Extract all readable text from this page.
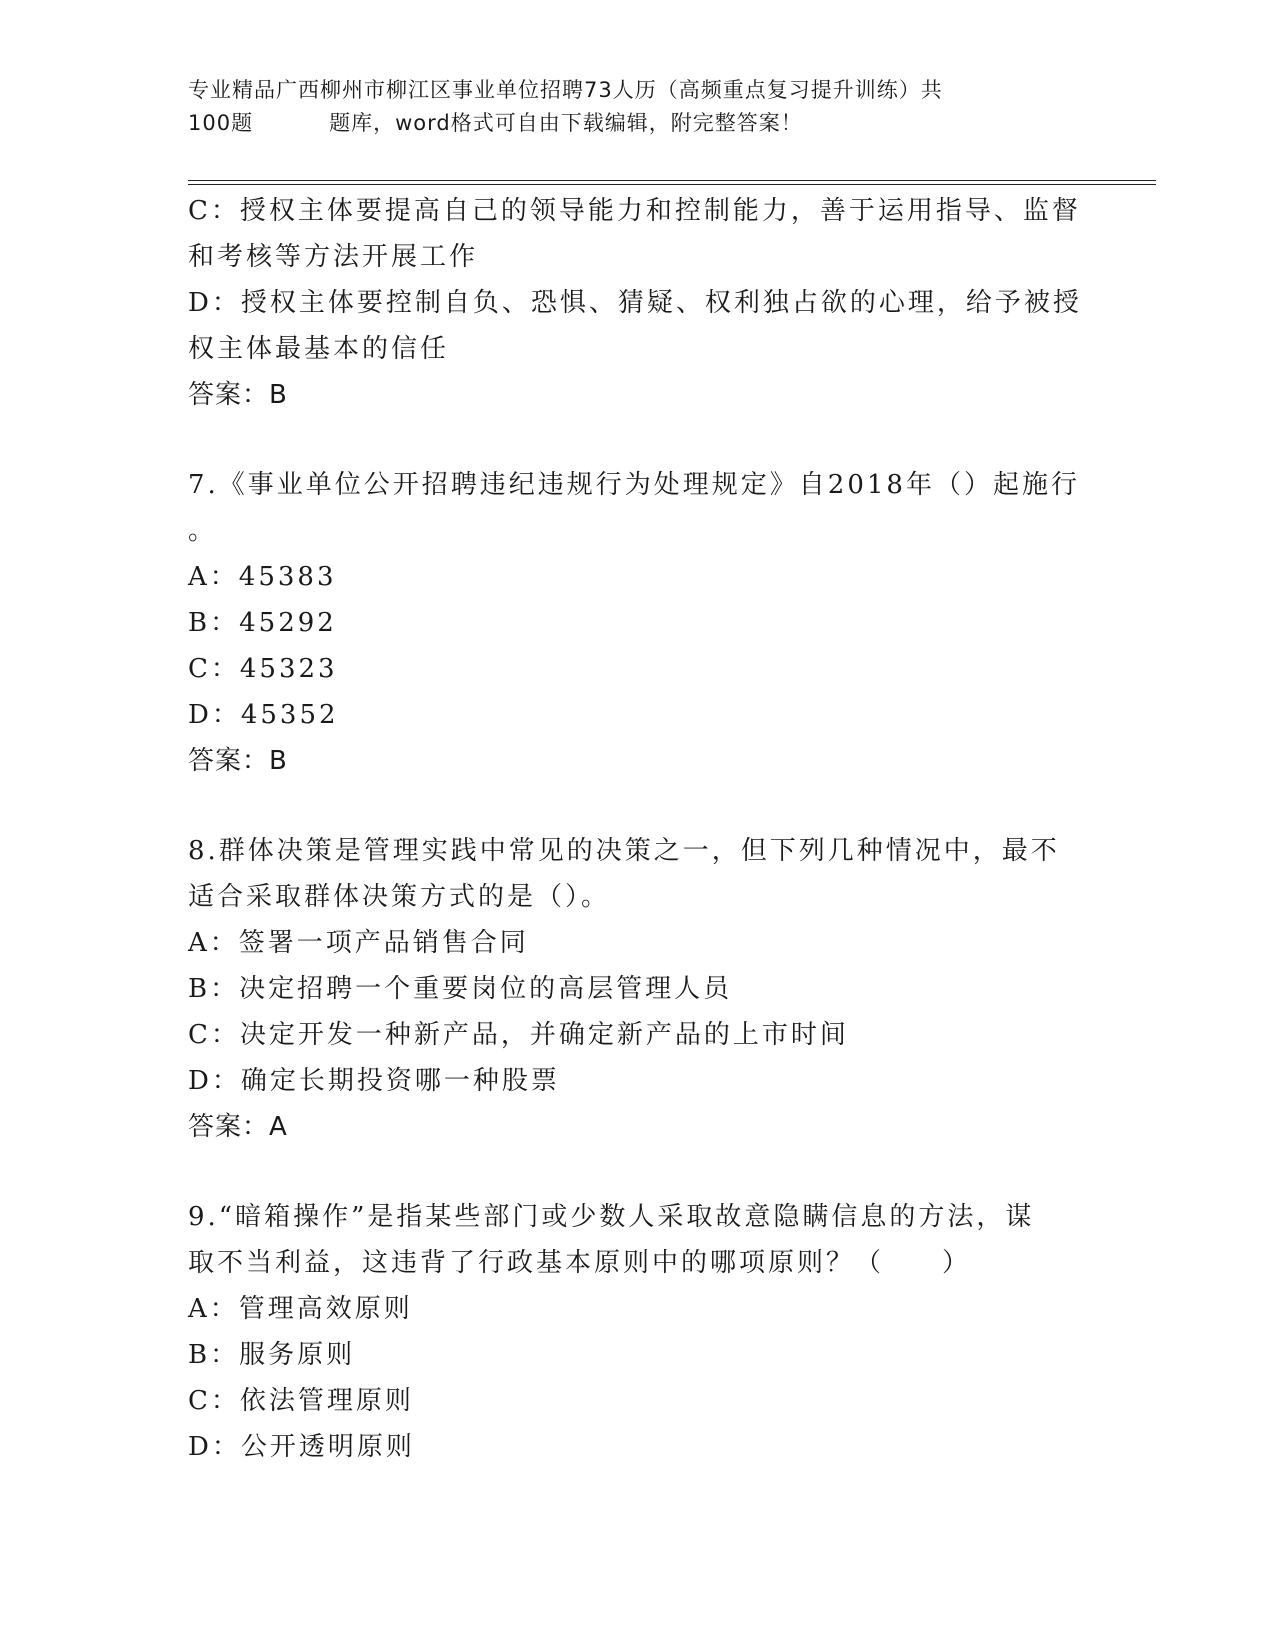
专业精品广西柳州市柳江区事业单位招聘73人历（高频重点复习提升训练）共
100题	题库，word格式可自由下载编辑，附完整答案！
C：授权主体要提高自己的领导能力和控制能力，善于运用指导、监督
和考核等方法开展工作
D：授权主体要控制自负、恐惧、猜疑、权利独占欲的心理，给予被授
权主体最基本的信任
答案：B
7.《事业单位公开招聘违纪违规行为处理规定》自2018年（）起施行
。
A：45383
B：45292
C：45323
D：45352
答案：B
8.群体决策是管理实践中常见的决策之一，但下列几种情况中，最不
适合采取群体决策方式的是（）。
A：签署一项产品销售合同
B：决定招聘一个重要岗位的高层管理人员
C：决定开发一种新产品，并确定新产品的上市时间
D：确定长期投资哪一种股票
答案：A
9.“暗箱操作”是指某些部门或少数人采取故意隐瞒信息的方法，谋
取不当利益，这违背了行政基本原则中的哪项原则？（　　）
A：管理高效原则
B：服务原则
C：依法管理原则
D：公开透明原则
